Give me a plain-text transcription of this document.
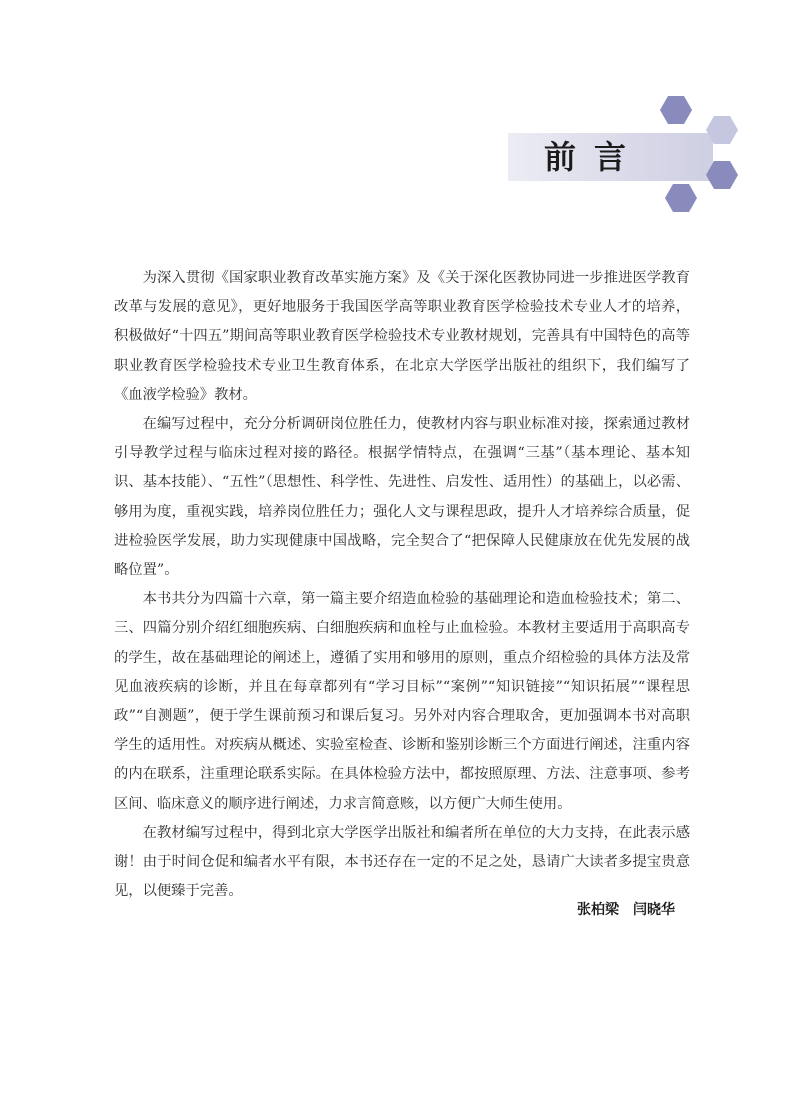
前言

为深入贯彻《国家职业教育改革实施方案》及《关于深化医教协同进一步推进医学教育改革与发展的意见》，更好地服务于我国医学高等职业教育医学检验技术专业人才的培养，积极做好“十四五”期间高等职业教育医学检验技术专业教材规划，完善具有中国特色的高等职业教育医学检验技术专业卫生教育体系，在北京大学医学出版社的组织下，我们编写了《血液学检验》教材。

在编写过程中，充分分析调研岗位胜任力，使教材内容与职业标准对接，探索通过教材引导教学过程与临床过程对接的路径。根据学情特点，在强调“三基”（基本理论、基本知识、基本技能）、“五性”（思想性、科学性、先进性、启发性、适用性）的基础上，以必需、够用为度，重视实践，培养岗位胜任力；强化人文与课程思政，提升人才培养综合质量，促进检验医学发展，助力实现健康中国战略，完全契合了“把保障人民健康放在优先发展的战略位置”。

本书共分为四篇十六章，第一篇主要介绍造血检验的基础理论和造血检验技术；第二、三、四篇分别介绍红细胞疾病、白细胞疾病和血栓与止血检验。本教材主要适用于高职高专的学生，故在基础理论的阐述上，遵循了实用和够用的原则，重点介绍检验的具体方法及常见血液疾病的诊断，并且在每章都列有“学习目标”“案例”“知识链接”“知识拓展”“课程思政”“自测题”，便于学生课前预习和课后复习。另外对内容合理取舍，更加强调本书对高职学生的适用性。对疾病从概述、实验室检查、诊断和鉴别诊断三个方面进行阐述，注重内容的内在联系，注重理论联系实际。在具体检验方法中，都按照原理、方法、注意事项、参考区间、临床意义的顺序进行阐述，力求言简意赅，以方便广大师生使用。

在教材编写过程中，得到北京大学医学出版社和编者所在单位的大力支持，在此表示感谢！由于时间仓促和编者水平有限，本书还存在一定的不足之处，恳请广大读者多提宝贵意见，以便臻于完善。

张柏梁　闫晓华
